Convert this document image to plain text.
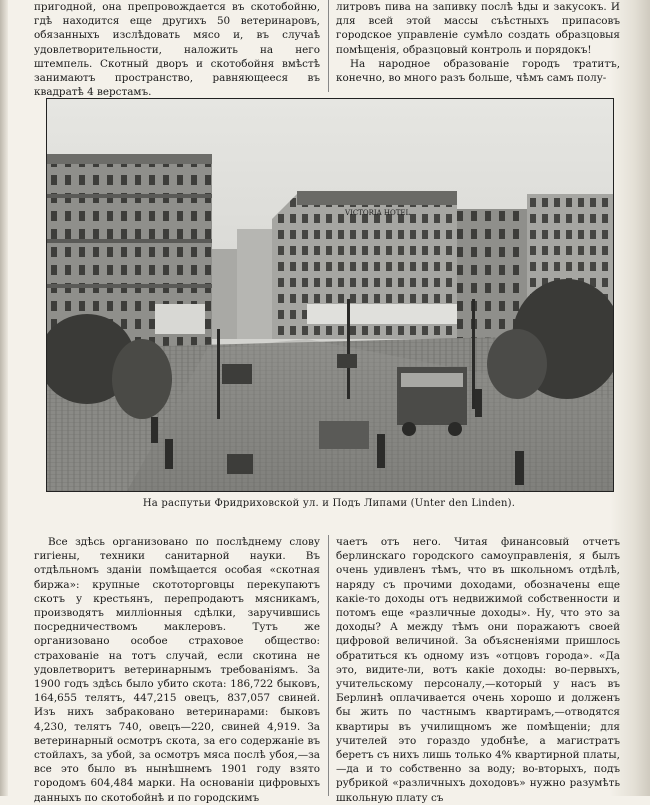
пригодной, она препровождается въ скотобойню, гдѣ находится еще другихъ 50 ветеринаровъ, обязанныхъ изслѣдовать мясо и, въ случаѣ удовлетворительности, наложить на него штемпель. Скотный дворъ и скотобойня вмѣстѣ занимаютъ пространство, равняющееся въ квадратѣ 4 верстамъ.

литровъ пива на запивку послѣ ѣды и закусокъ. И для всей этой массы съѣстныхъ припасовъ городское управленіе сумѣло создать образцовыя помѣщенія, образцовый контроль и порядокъ!

На народное образованіе городъ тратитъ, конечно, во много разъ больше, чѣмъ самъ полу-

VICTORIA HOTEL
На распутьи Фридриховской ул. и Подъ Липами (Unter den Linden).

Все здѣсь организовано по послѣднему слову гигіены, техники санитарной науки. Въ отдѣльномъ зданіи помѣщается особая «скотная биржа»: крупные скототорговцы перекупаютъ скотъ у крестьянъ, перепродаютъ мясникамъ, производятъ милліонныя сдѣлки, заручившись посредничествомъ маклеровъ. Тутъ же организовано особое страховое общество: страхованіе на тотъ случай, если скотина не удовлетворитъ ветеринарнымъ требованіямъ. За 1900 годъ здѣсь было убито скота: 186,722 быковъ, 164,655 телятъ, 447,215 овецъ, 837,057 свиней. Изъ нихъ забраковано ветеринарами: быковъ 4,230, телятъ 740, овецъ—220, свиней 4,919. За ветеринарный осмотръ скота, за его содержаніе въ стойлахъ, за убой, за осмотръ мяса послѣ убоя,—за все это было въ нынѣшнемъ 1901 году взято городомъ 604,484 марки. На основаніи цифровыхъ данныхъ по скотобойнѣ и по городскимъ

чаетъ отъ него. Читая финансовый отчетъ берлинскаго городского самоуправленія, я былъ очень удивленъ тѣмъ, что въ школьномъ отдѣлѣ, наряду съ прочими доходами, обозначены еще какіе-то доходы отъ недвижимой собственности и потомъ еще «различные доходы». Ну, что это за доходы? А между тѣмъ они поражаютъ своей цифровой величиной. За объясненіями пришлось обратиться къ одному изъ «отцовъ города». «Да это, видите-ли, вотъ какіе доходы: во-первыхъ, учительскому персоналу,—который у насъ въ Берлинѣ оплачивается очень хорошо и долженъ бы жить по частнымъ квартирамъ,—отводятся квартиры въ училищномъ же помѣщеніи; для учителей это гораздо удобнѣе, а магистратъ беретъ съ нихъ лишь только 4% квартирной платы,—да и то собственно за воду; во-вторыхъ, подъ рубрикой «различныхъ доходовъ» нужно разумѣть школьную плату съ
